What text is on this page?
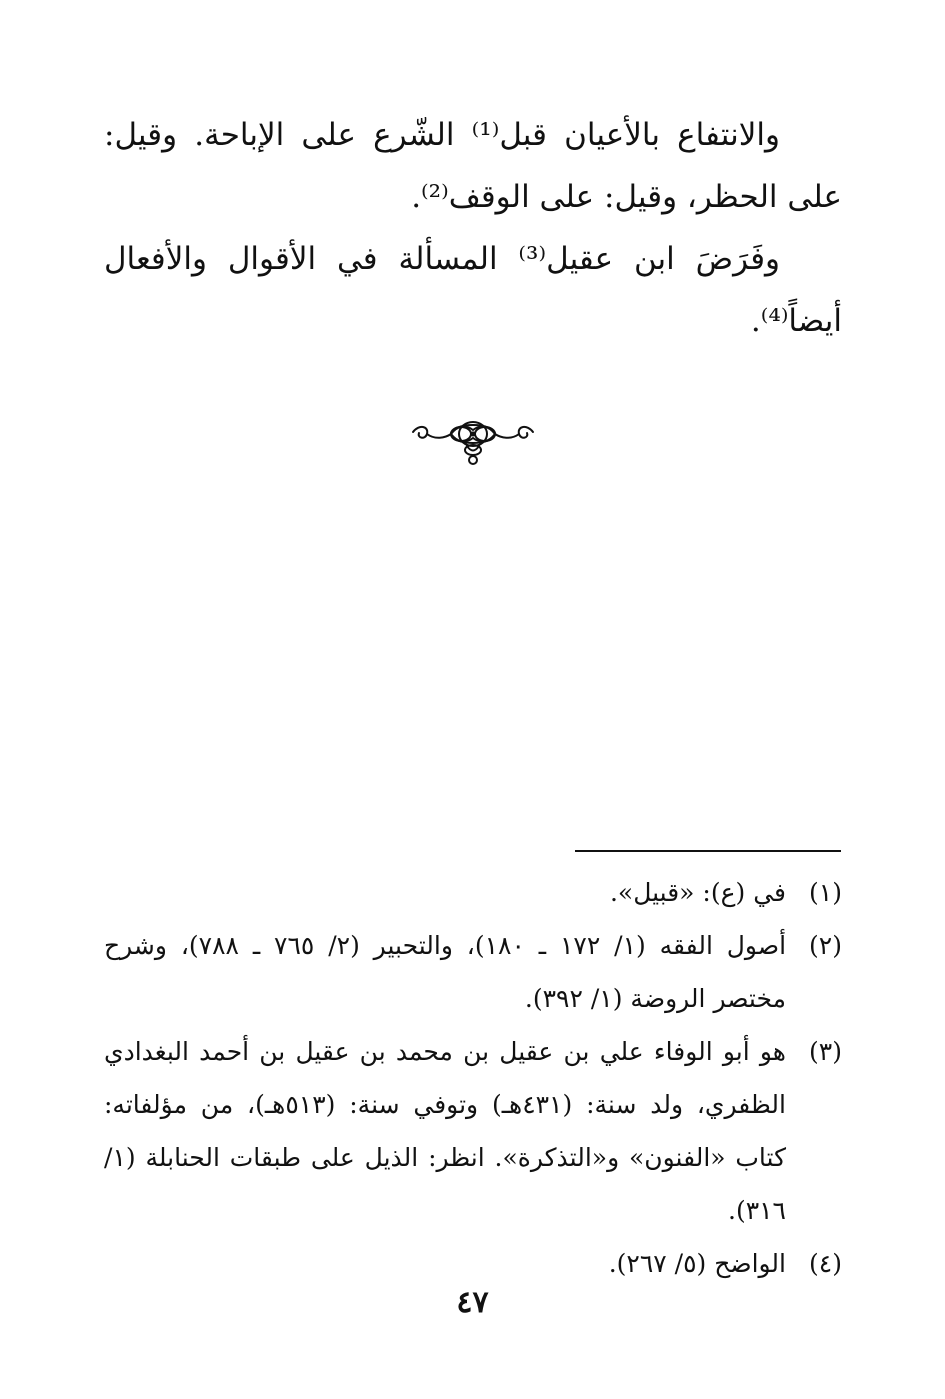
والانتفاع بالأعيان قبل⁽¹⁾ الشّرع على الإباحة. وقيل: على الحظر، وقيل: على الوقف⁽²⁾.

وفَرَضَ ابن عقيل⁽³⁾ المسألة في الأقوال والأفعال أيضاً⁽⁴⁾.

(١)
في (ع): «قبيل».
(٢)
أصول الفقه (١/ ١٧٢ ـ ١٨٠)، والتحبير (٢/ ٧٦٥ ـ ٧٨٨)، وشرح مختصر الروضة (١/ ٣٩٢).
(٣)
هو أبو الوفاء علي بن عقيل بن محمد بن عقيل بن أحمد البغدادي الظفري، ولد سنة: (٤٣١هـ) وتوفي سنة: (٥١٣هـ)، من مؤلفاته: كتاب «الفنون» و«التذكرة». انظر: الذيل على طبقات الحنابلة (١/ ٣١٦).
(٤)
الواضح (٥/ ٢٦٧).
٤٧
